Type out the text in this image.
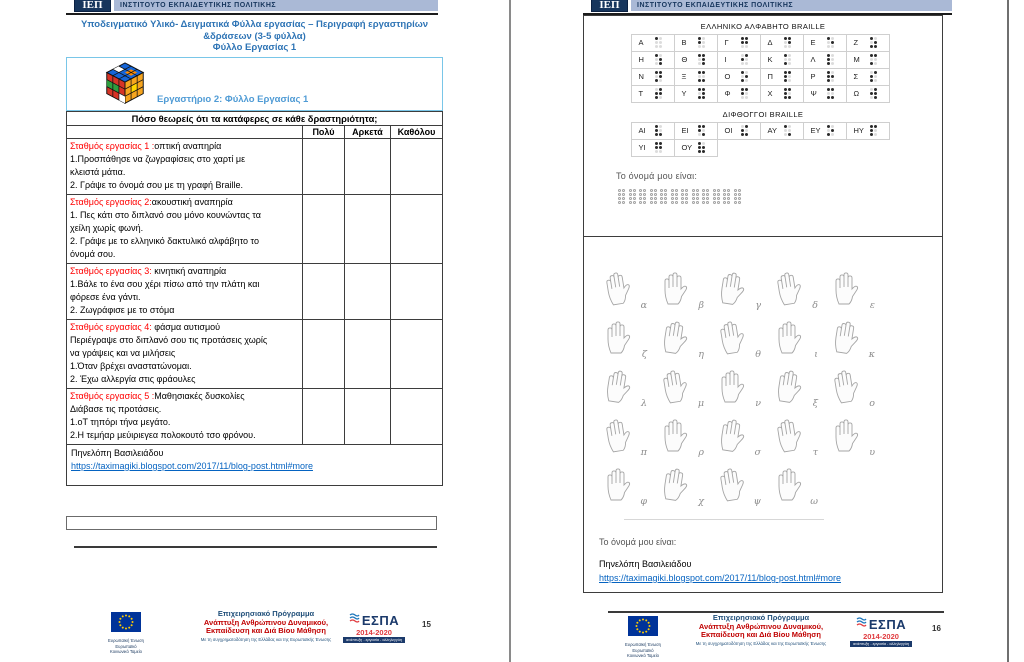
ΙΕΠ	ΙΝΣΤΙΤΟΥΤΟ ΕΚΠΑΙΔΕΥΤΙΚΗΣ ΠΟΛΙΤΙΚΗΣ
Υποδειγματικό Υλικό- Δειγματικά Φύλλα εργασίας – Περιγραφή εργαστηρίων
&δράσεων (3-5 φύλλα)
Φύλλο Εργασίας 1
Εργαστήριο 2: Φύλλο Εργασίας 1
Πόσο θεωρείς ότι τα κατάφερες σε κάθε δραστηριότητα;
Πολύ	Αρκετά	Καθόλου
Σταθμός εργασίας 1 :οπτική αναπηρία
1.Προσπάθησε να ζωγραφίσεις στο χαρτί με
κλειστά μάτια.
2. Γράψε το όνομά σου με τη γραφή Braille.
Σταθμός εργασίας 2:ακουστική αναπηρία
1. Πες κάτι στο διπλανό σου μόνο κουνώντας τα
χείλη χωρίς φωνή.
2. Γράψε με το ελληνικό δακτυλικό αλφάβητο το
όνομά σου.
Σταθμός εργασίας 3: κινητική αναπηρία
1.Βάλε το ένα σου χέρι πίσω από την πλάτη και
φόρεσε ένα γάντι.
2. Ζωγράφισε με το στόμα
Σταθμός εργασίας 4: φάσμα αυτισμού
Περιέγραψε στο διπλανό σου τις προτάσεις χωρίς
να γράψεις και να μιλήσεις
1.Όταν βρέχει αναστατώνομαι.
2. Έχω αλλεργία στις φράουλες
Σταθμός εργασίας 5 :Μαθησιακές δυσκολίες
Διάβασε τις προτάσεις.
1.οΤ τηπόρι τήνα μεγάτο.
2.Η τεμήαρ μεύιριεγεα πολοκουτό τσο φρόνου.
Πηνελόπη Βασιλειάδου
https://taximagiki.blogspot.com/2017/11/blog-post.html#more
Ευρωπαϊκή Ένωση
Ευρωπαϊκό Κοινωνικό Ταμείο
Επιχειρησιακό Πρόγραμμα
Ανάπτυξη Ανθρώπινου Δυναμικού,
Εκπαίδευση και Διά Βίου Μάθηση
Με τη συγχρηματοδότηση της Ελλάδας και της Ευρωπαϊκής Ένωσης
ΕΣΠΑ
2014-2020
ανάπτυξη - εργασία - αλληλεγγύη
15
ΙΕΠ	ΙΝΣΤΙΤΟΥΤΟ ΕΚΠΑΙΔΕΥΤΙΚΗΣ ΠΟΛΙΤΙΚΗΣ
ΕΛΛΗΝΙΚΟ ΑΛΦΑΒΗΤΟ BRAILLE
Α	Β	Γ	Δ	Ε	Ζ
Η	Θ	Ι	Κ	Λ	Μ
Ν	Ξ	Ο	Π	Ρ	Σ
Τ	Υ	Φ	Χ	Ψ	Ω
ΔΙΦΘΟΓΓΟΙ BRAILLE
ΑΙ	ΕΙ	ΟΙ	ΑΥ	ΕΥ	ΗΥ
ΥΙ	ΟΥ
Το όνομά μου είναι:
α	β	γ	δ	ε
ζ	η	θ	ι	κ
λ	μ	ν	ξ	ο
π	ρ	σ	τ	υ
φ	χ	ψ	ω
Το όνομά μου είναι:
Πηνελόπη Βασιλειάδου
https://taximagiki.blogspot.com/2017/11/blog-post.html#more
Ευρωπαϊκή Ένωση
Ευρωπαϊκό Κοινωνικό Ταμείο
Επιχειρησιακό Πρόγραμμα
Ανάπτυξη Ανθρώπινου Δυναμικού,
Εκπαίδευση και Διά Βίου Μάθηση
Με τη συγχρηματοδότηση της Ελλάδας και της Ευρωπαϊκής Ένωσης
ΕΣΠΑ
2014-2020
ανάπτυξη - εργασία - αλληλεγγύη
16
